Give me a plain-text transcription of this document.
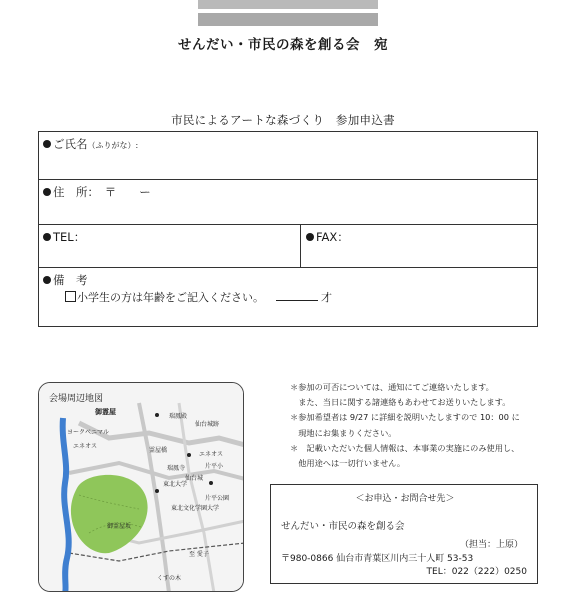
せんだい・市民の森を創る会　宛
市民によるアートな森づくり　参加申込書
ご氏名（ふりがな）:
住　所：　〒　　ー
TEL：	FAX：
備　考
小学生の方は年齢をご記入ください。	才
会場周辺地図
御霊屋
仙台城跡
瑞鳳殿
ヨークベニマル
エネオス
エネオス
片平小
仙台城
東北大学
霊屋橋
瑞鳳寺
片平公園
東北文化学園大学
御霊屋坂
くすの木
至 愛子

＊参加の可否については、通知にてご連絡いたします。

　また、当日に関する諸連絡もあわせてお送りいたします。

＊参加希望者は 9/27 に詳細を説明いたしますので 10：00 に

　現地にお集まりください。

＊　記載いただいた個人情報は、本事業の実施にのみ使用し、

　他用途へは一切行いません。

＜お申込・お問合せ先＞
せんだい・市民の森を創る会
（担当：上原）
〒980-0866 仙台市青葉区川内三十人町 53-53
TEL：022（222）0250
